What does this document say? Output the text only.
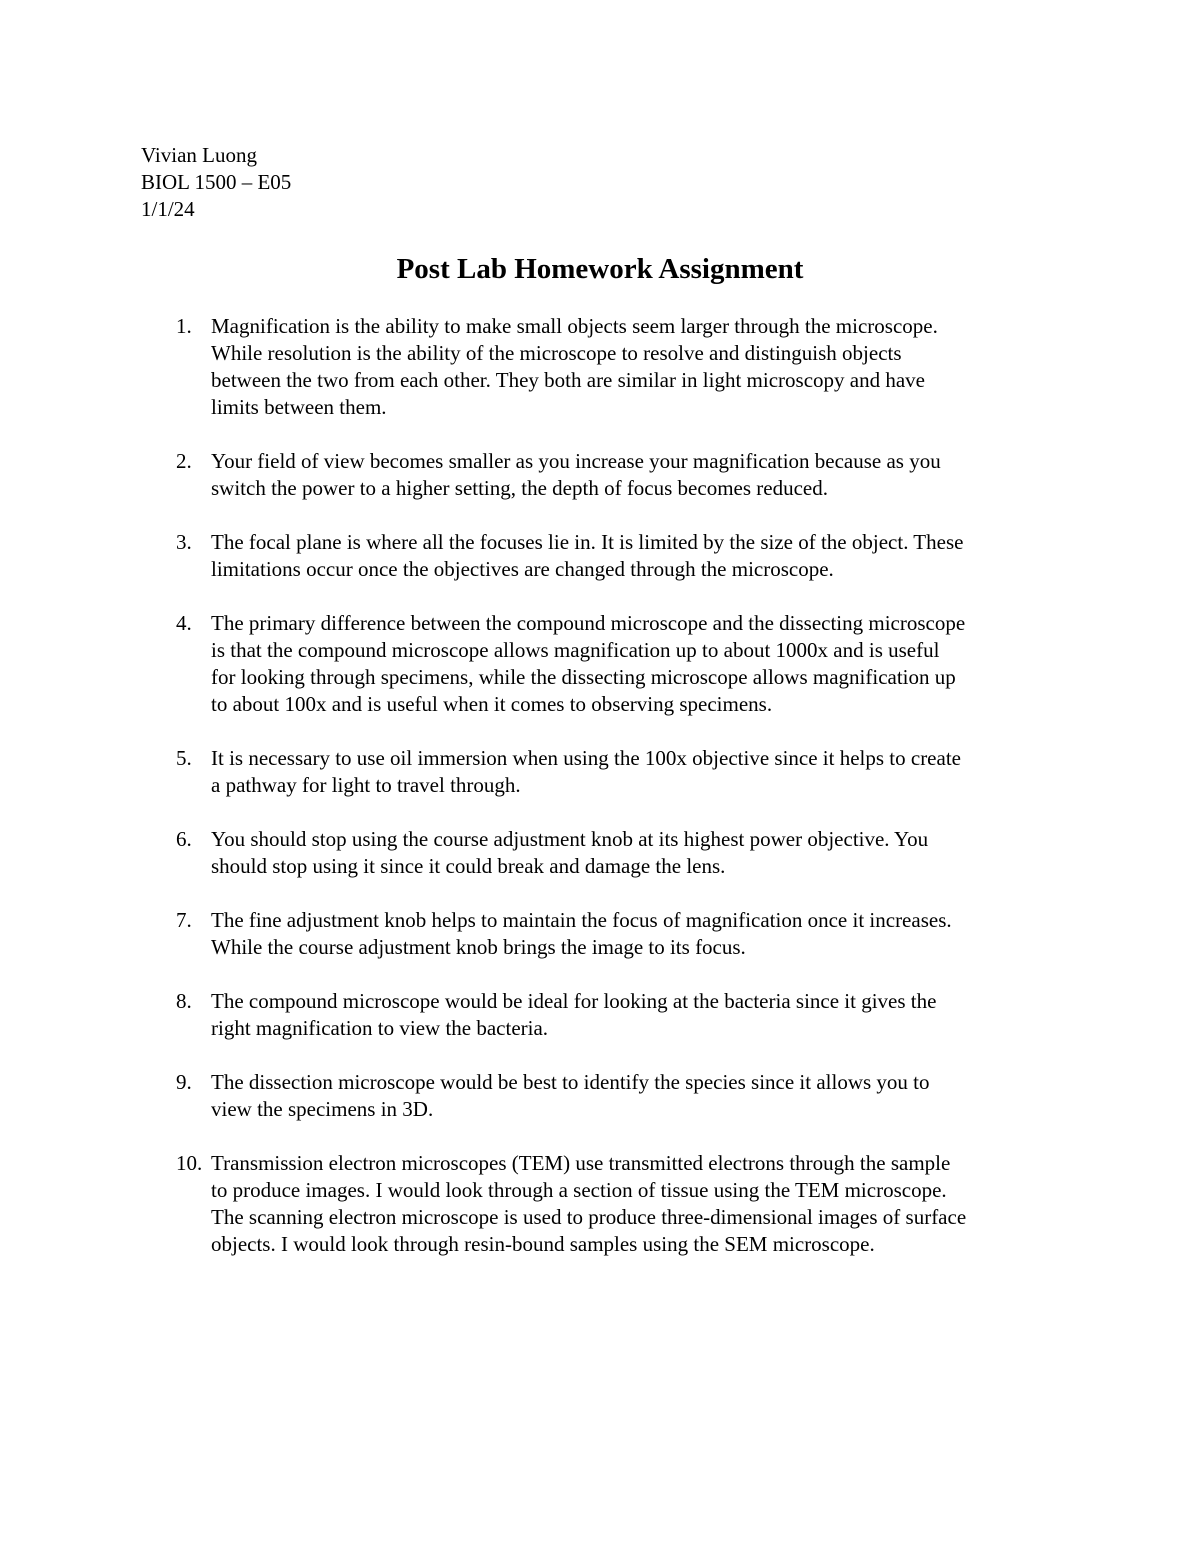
Vivian Luong
BIOL 1500 – E05
1/1/24
Post Lab Homework Assignment
1. Magnification is the ability to make small objects seem larger through the microscope.
While resolution is the ability of the microscope to resolve and distinguish objects
between the two from each other. They both are similar in light microscopy and have
limits between them.
2. Your field of view becomes smaller as you increase your magnification because as you
switch the power to a higher setting, the depth of focus becomes reduced.
3. The focal plane is where all the focuses lie in. It is limited by the size of the object. These
limitations occur once the objectives are changed through the microscope.
4. The primary difference between the compound microscope and the dissecting microscope
is that the compound microscope allows magnification up to about 1000x and is useful
for looking through specimens, while the dissecting microscope allows magnification up
to about 100x and is useful when it comes to observing specimens.
5. It is necessary to use oil immersion when using the 100x objective since it helps to create
a pathway for light to travel through.
6. You should stop using the course adjustment knob at its highest power objective. You
should stop using it since it could break and damage the lens.
7. The fine adjustment knob helps to maintain the focus of magnification once it increases.
While the course adjustment knob brings the image to its focus.
8. The compound microscope would be ideal for looking at the bacteria since it gives the
right magnification to view the bacteria.
9. The dissection microscope would be best to identify the species since it allows you to
view the specimens in 3D.
10. Transmission electron microscopes (TEM) use transmitted electrons through the sample
to produce images. I would look through a section of tissue using the TEM microscope.
The scanning electron microscope is used to produce three-dimensional images of surface
objects. I would look through resin-bound samples using the SEM microscope.
